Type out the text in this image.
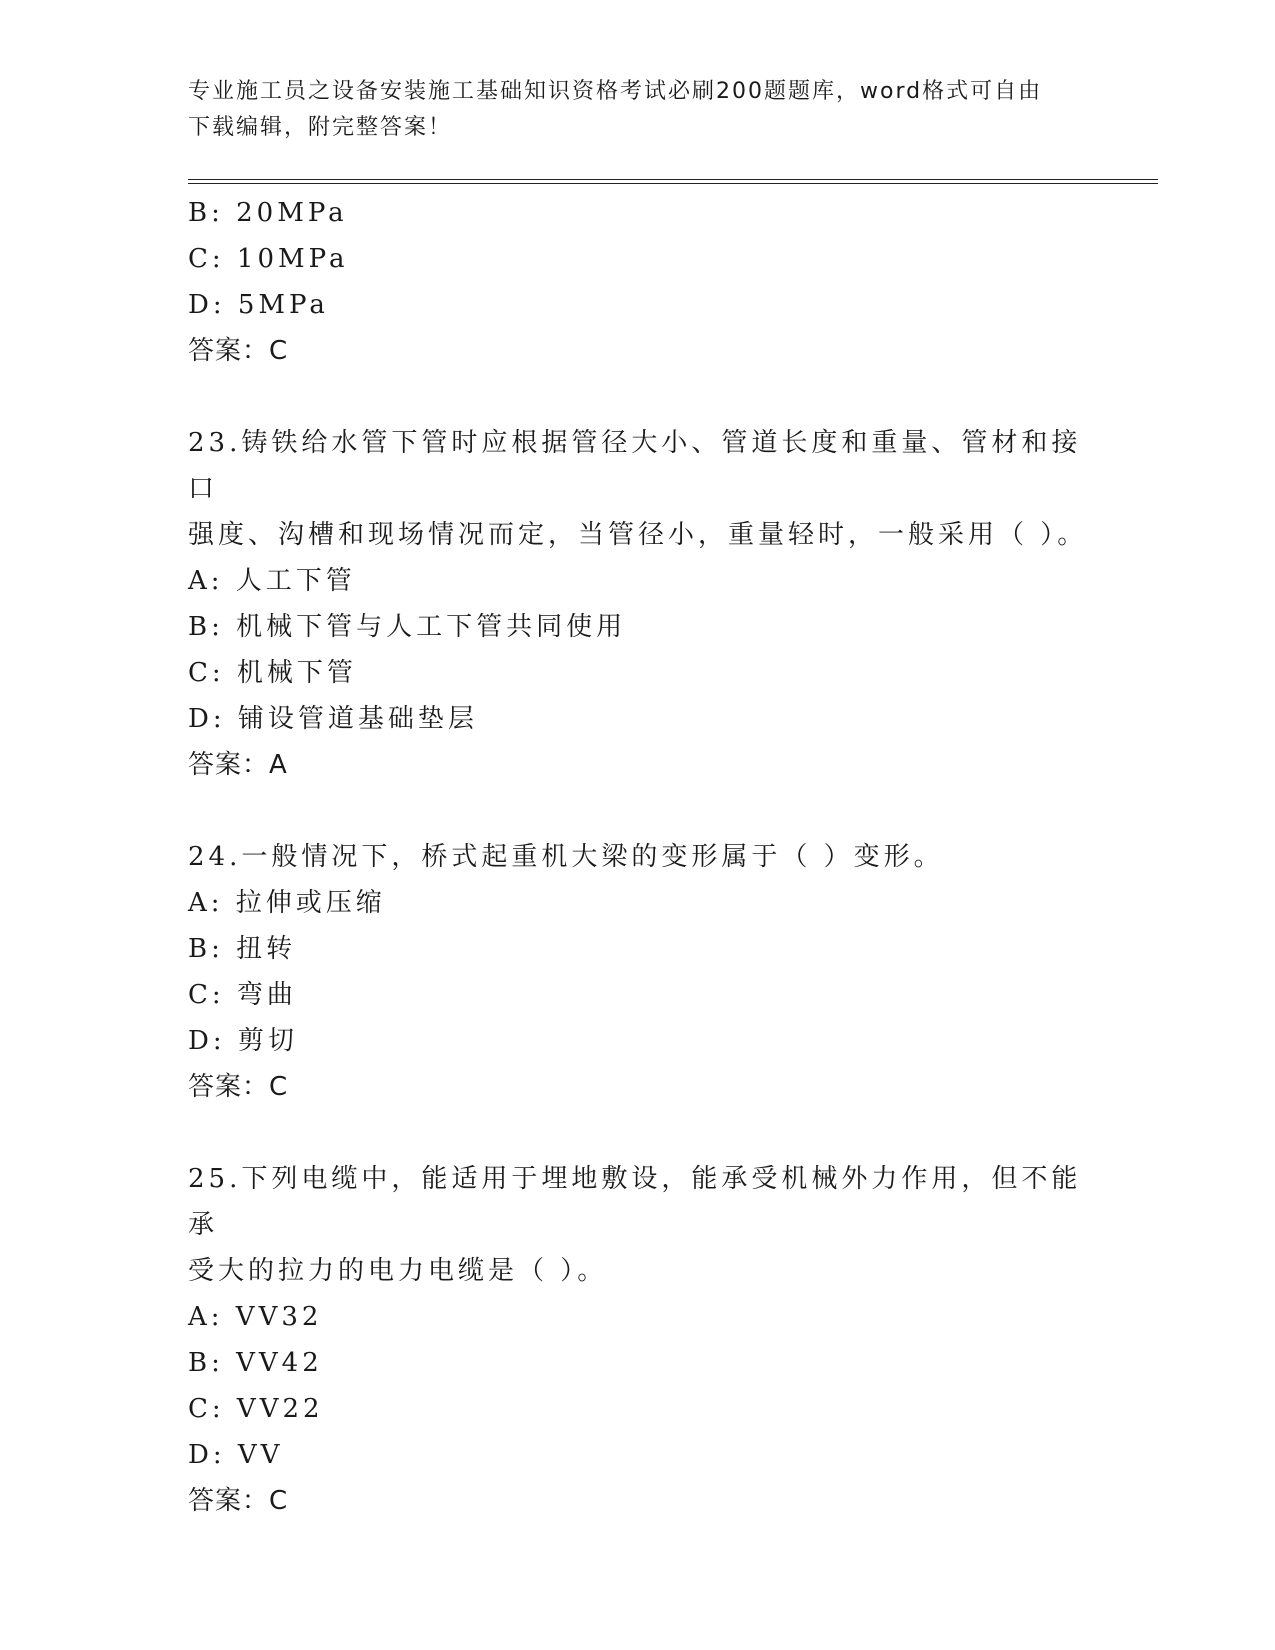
专业施工员之设备安装施工基础知识资格考试必刷200题题库，word格式可自由
下载编辑，附完整答案！
B: 20MPa
C: 10MPa
D: 5MPa
答案：C
23.铸铁给水管下管时应根据管径大小、管道长度和重量、管材和接口
强度、沟槽和现场情况而定，当管径小，重量轻时，一般采用（ ）。
A: 人工下管
B: 机械下管与人工下管共同使用
C: 机械下管
D: 铺设管道基础垫层
答案：A
24.一般情况下，桥式起重机大梁的变形属于（ ）变形。
A: 拉伸或压缩
B: 扭转
C: 弯曲
D: 剪切
答案：C
25.下列电缆中，能适用于埋地敷设，能承受机械外力作用，但不能承
受大的拉力的电力电缆是（ ）。
A: VV32
B: VV42
C: VV22
D: VV
答案：C
